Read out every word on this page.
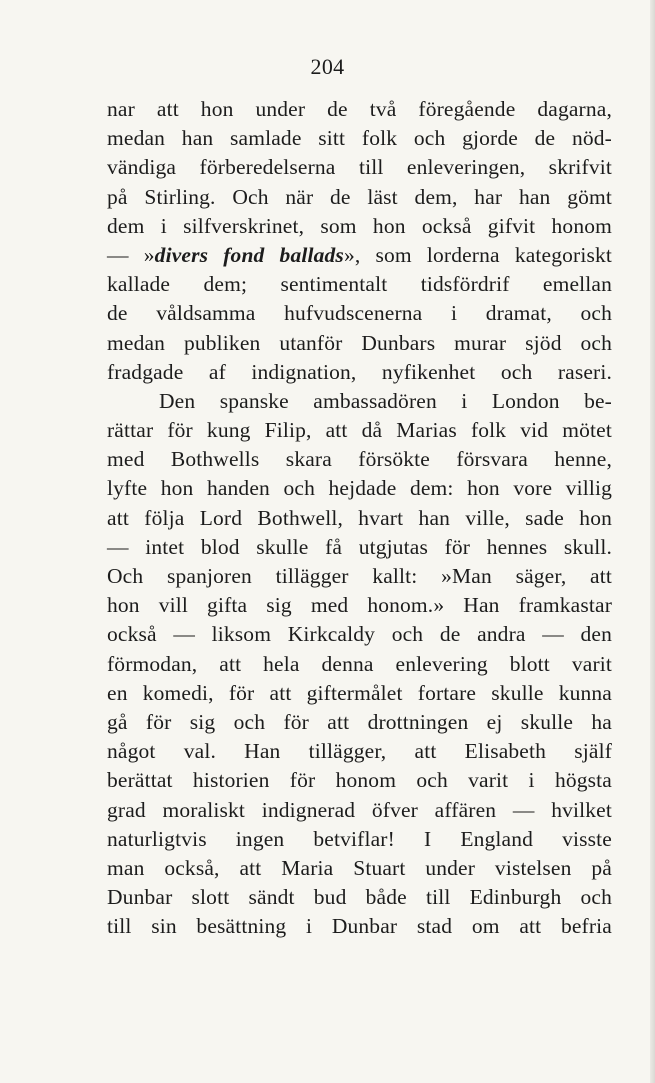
204
nar att hon under de två föregående dagarna,
medan han samlade sitt folk och gjorde de nöd-
vändiga förberedelserna till enleveringen, skrifvit
på Stirling. Och när de läst dem, har han gömt
dem i silfverskrinet, som hon också gifvit honom
— »divers fond ballads», som lorderna kategoriskt
kallade dem; sentimentalt tidsfördrif emellan
de våldsamma hufvudscenerna i dramat, och
medan publiken utanför Dunbars murar sjöd och
fradgade af indignation, nyfikenhet och raseri.
Den spanske ambassadören i London be-
rättar för kung Filip, att då Marias folk vid mötet
med Bothwells skara försökte försvara henne,
lyfte hon handen och hejdade dem: hon vore villig
att följa Lord Bothwell, hvart han ville, sade hon
— intet blod skulle få utgjutas för hennes skull.
Och spanjoren tillägger kallt: »Man säger, att
hon vill gifta sig med honom.» Han framkastar
också — liksom Kirkcaldy och de andra — den
förmodan, att hela denna enlevering blott varit
en komedi, för att giftermålet fortare skulle kunna
gå för sig och för att drottningen ej skulle ha
något val. Han tillägger, att Elisabeth själf
berättat historien för honom och varit i högsta
grad moraliskt indignerad öfver affären — hvilket
naturligtvis ingen betviflar! I England visste
man också, att Maria Stuart under vistelsen på
Dunbar slott sändt bud både till Edinburgh och
till sin besättning i Dunbar stad om att befria
